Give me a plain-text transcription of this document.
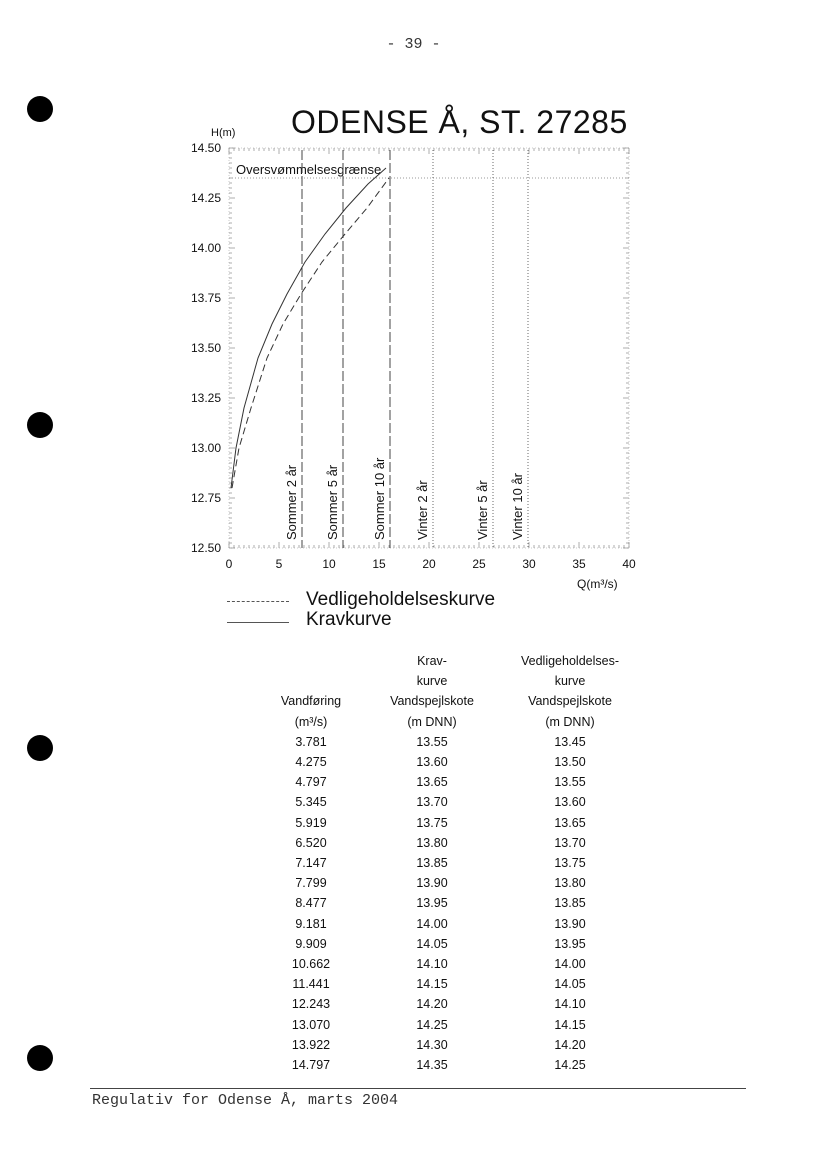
- 39 -
ODENSE Å, ST. 27285
H(m)
Q(m³/s)
0	5	10	15	20	25	30	35	40
12.50
12.75
13.00
13.25
13.50
13.75
14.00
14.25
14.50
Oversvømmelsesgrænse
Sommer 2 år Sommer 5 år Sommer 10 år Vinter 2 år	Vinter 5 år Vinter 10 år
Vedligeholdelseskurve
Kravkurve
	Krav-	Vedligeholdelses-
	kurve	kurve
Vandføring	Vandspejlskote	Vandspejlskote
(m³/s)	(m DNN)	(m DNN)
3.781	13.55	13.45
4.275	13.60	13.50
4.797	13.65	13.55
5.345	13.70	13.60
5.919	13.75	13.65
6.520	13.80	13.70
7.147	13.85	13.75
7.799	13.90	13.80
8.477	13.95	13.85
9.181	14.00	13.90
9.909	14.05	13.95
10.662	14.10	14.00
11.441	14.15	14.05
12.243	14.20	14.10
13.070	14.25	14.15
13.922	14.30	14.20
14.797	14.35	14.25
Regulativ for Odense Å, marts 2004
